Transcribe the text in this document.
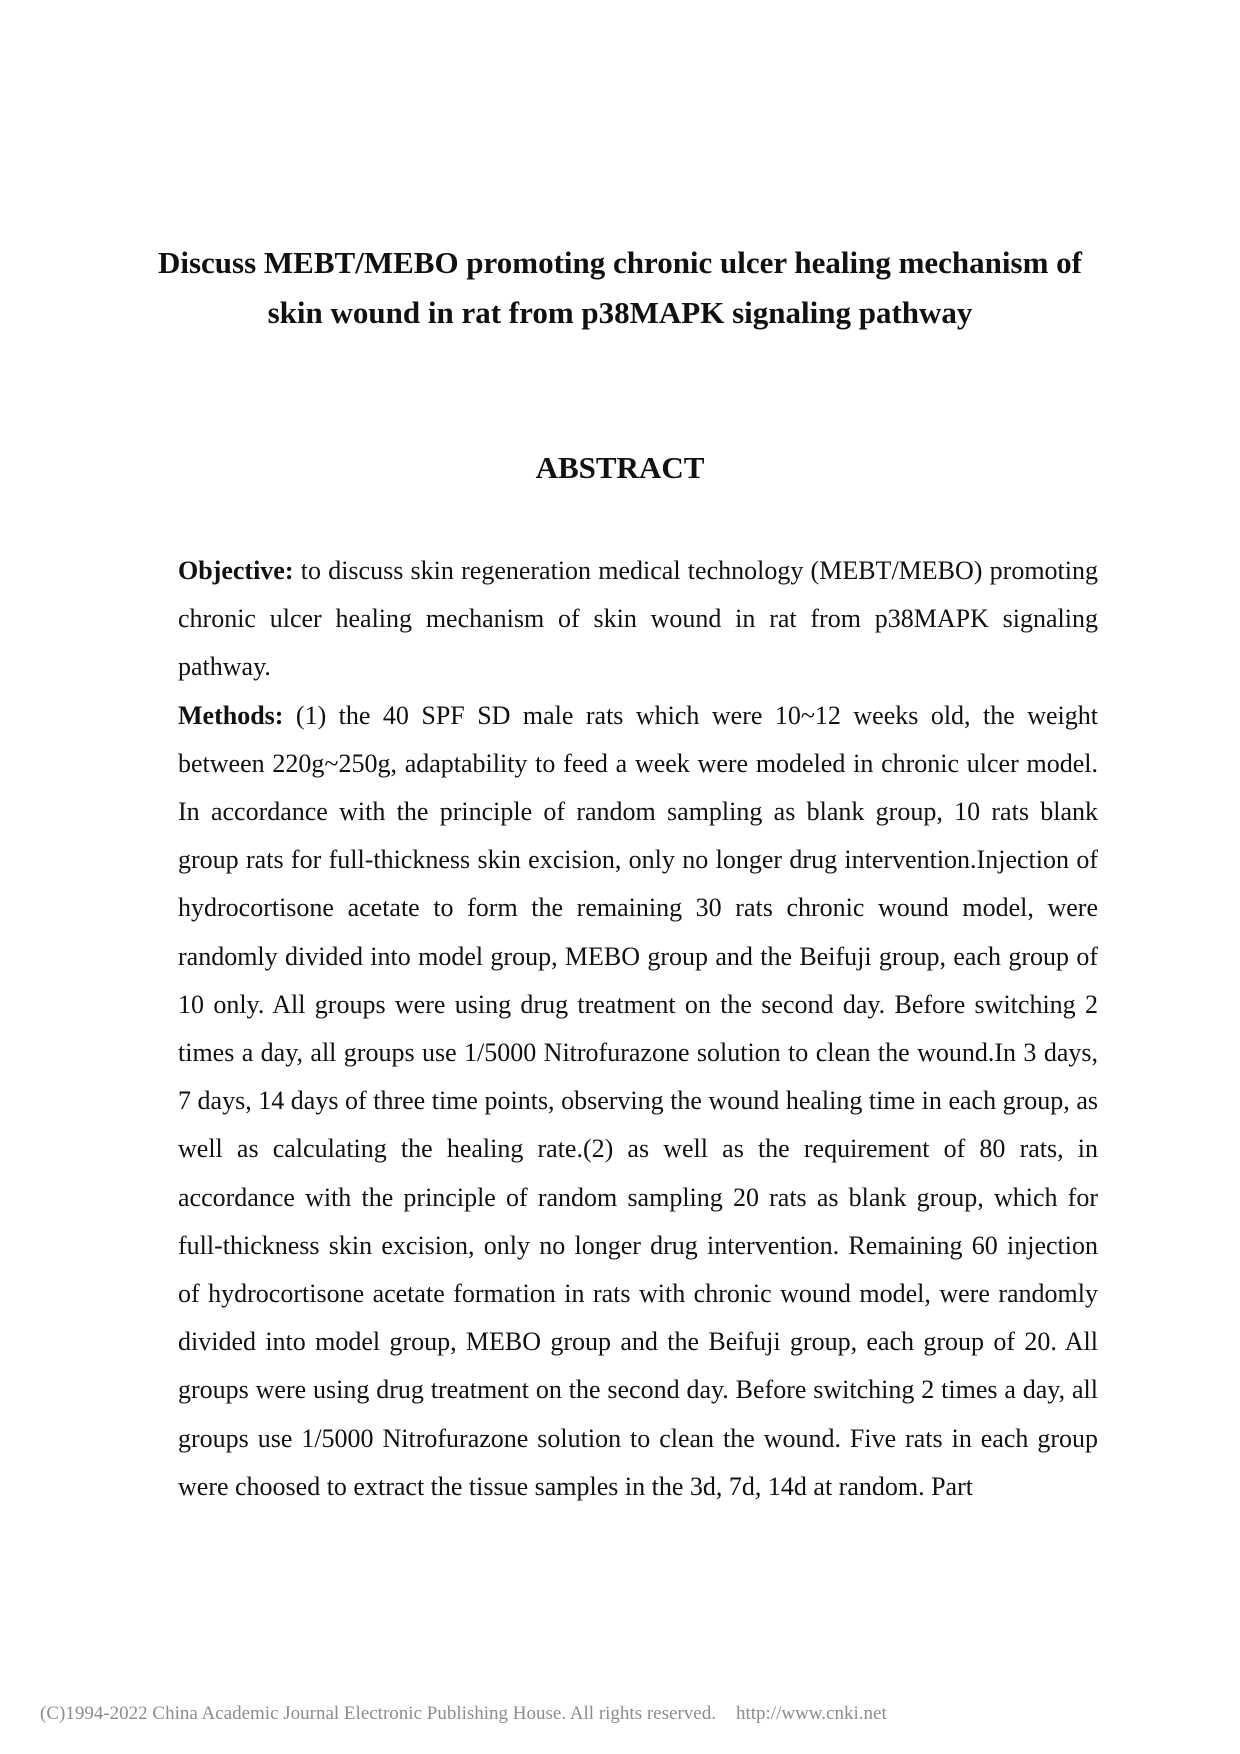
Discuss MEBT/MEBO promoting chronic ulcer healing mechanism of skin wound in rat from p38MAPK signaling pathway
ABSTRACT

Objective: to discuss skin regeneration medical technology (MEBT/MEBO) promoting chronic ulcer healing mechanism of skin wound in rat from p38MAPK signaling pathway.

Methods: (1) the 40 SPF SD male rats which were 10~12 weeks old, the weight between 220g~250g, adaptability to feed a week were modeled in chronic ulcer model. In accordance with the principle of random sampling as blank group, 10 rats blank group rats for full-thickness skin excision, only no longer drug intervention.Injection of hydrocortisone acetate to form the remaining 30 rats chronic wound model, were randomly divided into model group, MEBO group and the Beifuji group, each group of 10 only. All groups were using drug treatment on the second day. Before switching 2 times a day, all groups use 1/5000 Nitrofurazone solution to clean the wound.In 3 days, 7 days, 14 days of three time points, observing the wound healing time in each group, as well as calculating the healing rate.(2) as well as the requirement of 80 rats, in accordance with the principle of random sampling 20 rats as blank group, which for full-thickness skin excision, only no longer drug intervention. Remaining 60 injection of hydrocortisone acetate formation in rats with chronic wound model, were randomly divided into model group, MEBO group and the Beifuji group, each group of 20. All groups were using drug treatment on the second day. Before switching 2 times a day, all groups use 1/5000 Nitrofurazone solution to clean the wound. Five rats in each group were choosed to extract the tissue samples in the 3d, 7d, 14d at random. Part

(C)1994-2022 China Academic Journal Electronic Publishing House. All rights reserved. http://www.cnki.net
